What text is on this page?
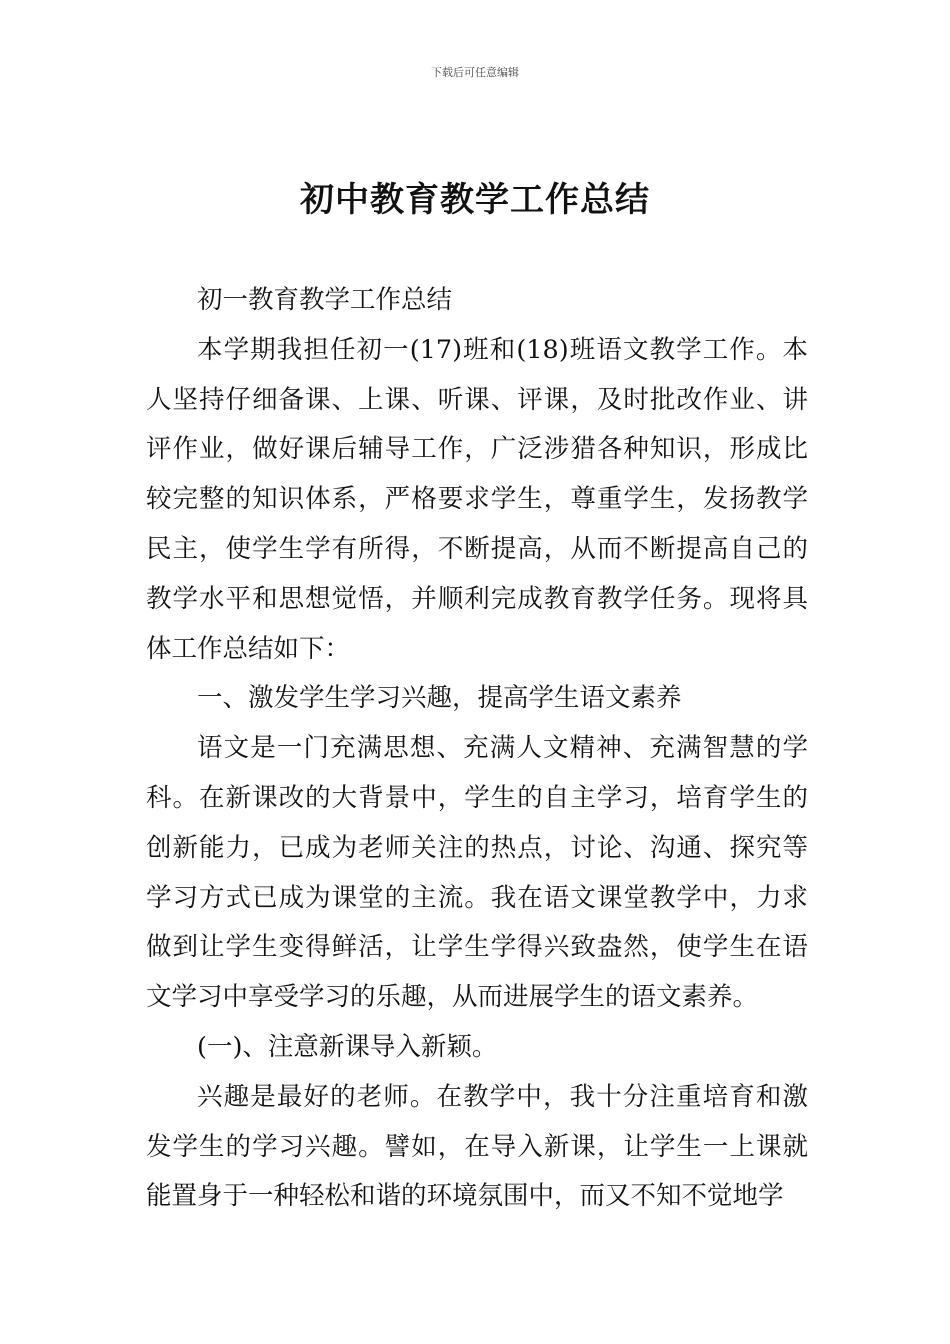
下载后可任意编辑
初中教育教学工作总结

初一教育教学工作总结

本学期我担任初一(17)班和(18)班语文教学工作。本人坚持仔细备课、上课、听课、评课，及时批改作业、讲评作业，做好课后辅导工作，广泛涉猎各种知识，形成比较完整的知识体系，严格要求学生，尊重学生，发扬教学民主，使学生学有所得，不断提高，从而不断提高自己的教学水平和思想觉悟，并顺利完成教育教学任务。现将具体工作总结如下：

一、激发学生学习兴趣，提高学生语文素养

语文是一门充满思想、充满人文精神、充满智慧的学科。在新课改的大背景中，学生的自主学习，培育学生的创新能力，已成为老师关注的热点，讨论、沟通、探究等学习方式已成为课堂的主流。我在语文课堂教学中，力求做到让学生变得鲜活，让学生学得兴致盎然，使学生在语文学习中享受学习的乐趣，从而进展学生的语文素养。

(一)、注意新课导入新颖。

兴趣是最好的老师。在教学中，我十分注重培育和激发学生的学习兴趣。譬如，在导入新课，让学生一上课就能置身于一种轻松和谐的环境氛围中，而又不知不觉地学
